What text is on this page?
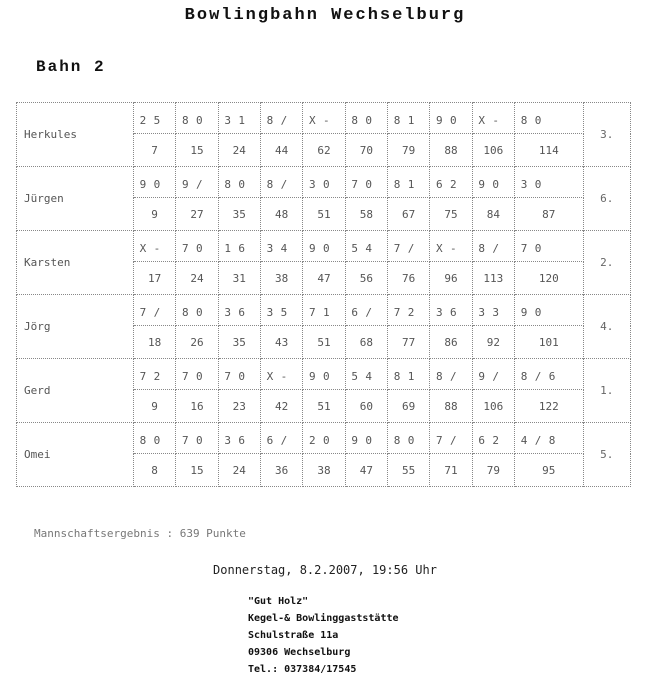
Bowlingbahn Wechselburg
Bahn 2
Herkules	2 5	8 0	3 1	8 /	X -	8 0	8 1	9 0	X -	8 0	3.
	7	15	24	44	62	70	79	88	106	114	
Jürgen	9 0	9 /	8 0	8 /	3 0	7 0	8 1	6 2	9 0	3 0	6.
	9	27	35	48	51	58	67	75	84	87	
Karsten	X -	7 0	1 6	3 4	9 0	5 4	7 /	X -	8 /	7 0	2.
	17	24	31	38	47	56	76	96	113	120	
Jörg	7 /	8 0	3 6	3 5	7 1	6 /	7 2	3 6	3 3	9 0	4.
	18	26	35	43	51	68	77	86	92	101	
Gerd	7 2	7 0	7 0	X -	9 0	5 4	8 1	8 /	9 /	8 / 6	1.
	9	16	23	42	51	60	69	88	106	122	
Omei	8 0	7 0	3 6	6 /	2 0	9 0	8 0	7 /	6 2	4 / 8	5.
	8	15	24	36	38	47	55	71	79	95	
Mannschaftsergebnis : 639 Punkte
Donnerstag, 8.2.2007, 19:56 Uhr
"Gut Holz"
Kegel-& Bowlinggaststätte
Schulstraße 11a
09306 Wechselburg
Tel.: 037384/17545
